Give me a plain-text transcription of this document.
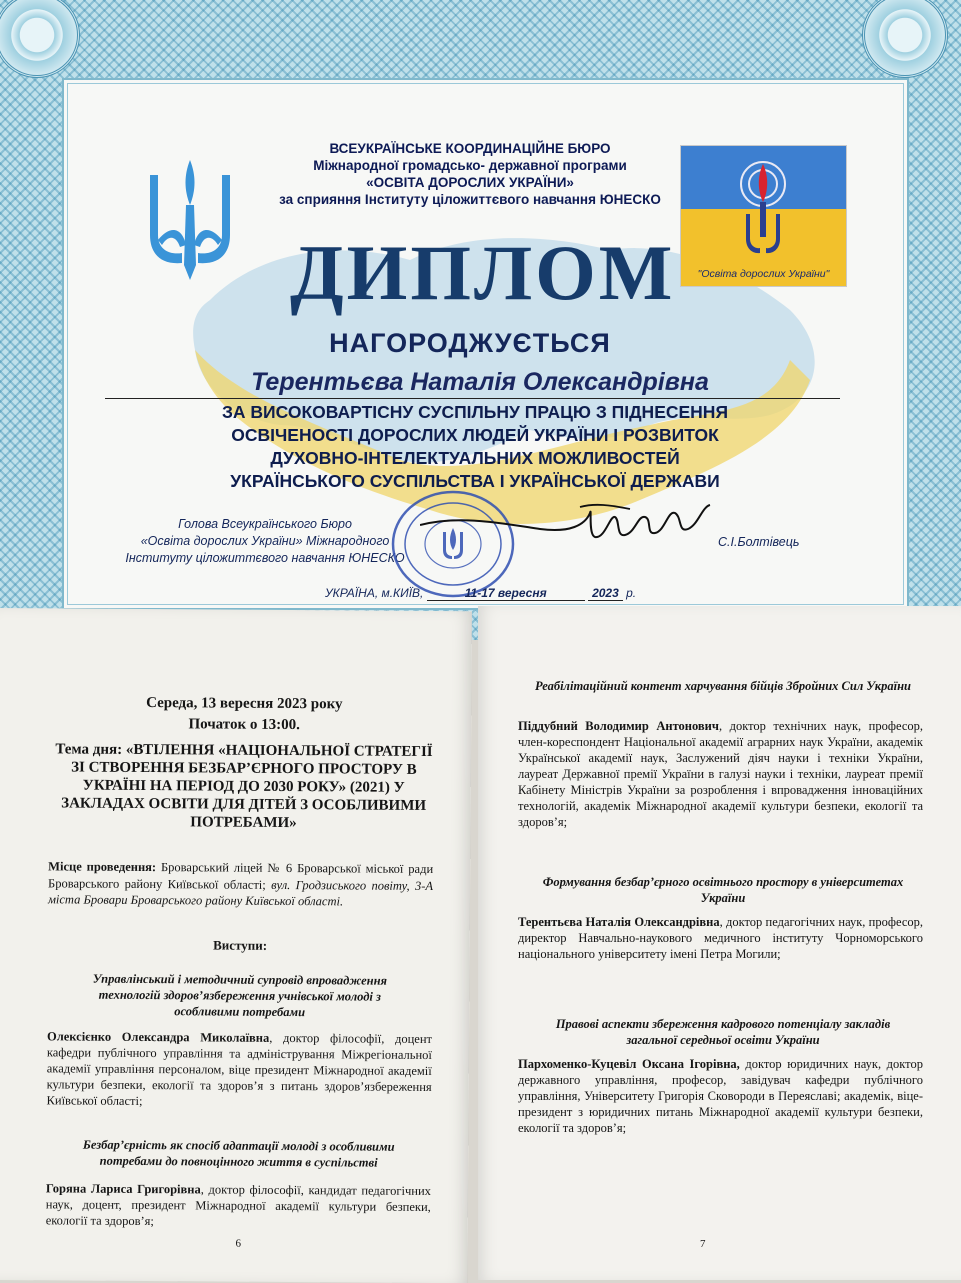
ВСЕУКРАЇНСЬКЕ КООРДИНАЦІЙНЕ БЮРО
Міжнародної громадсько- державної програми
«ОСВІТА ДОРОСЛИХ УКРАЇНИ»
за сприяння Інституту ціложиттєвого навчання ЮНЕСКО
"Освіта дорослих України"
ДИПЛОМ
НАГОРОДЖУЄТЬСЯ
Терентьєва Наталія Олександрівна
ЗА ВИСОКОВАРТІСНУ СУСПІЛЬНУ ПРАЦЮ З ПІДНЕСЕННЯ
ОСВІЧЕНОСТІ ДОРОСЛИХ ЛЮДЕЙ УКРАЇНИ І РОЗВИТОК
ДУХОВНО-ІНТЕЛЕКТУАЛЬНИХ МОЖЛИВОСТЕЙ
УКРАЇНСЬКОГО СУСПІЛЬСТВА І УКРАЇНСЬКОЇ ДЕРЖАВИ
Голова Всеукраїнського Бюро
«Освіта дорослих України» Міжнародного
Інституту ціложиттєвого навчання ЮНЕСКО
С.І.Болтівець
УКРАЇНА, м.КИЇВ,	11-17 вересня	2023 р.
Середа, 13 вересня 2023 року
Початок о 13:00.
Тема дня: «ВТІЛЕННЯ «НАЦІОНАЛЬНОЇ СТРАТЕГІЇ ЗІ СТВОРЕННЯ БЕЗБАР’ЄРНОГО ПРОСТОРУ В УКРАЇНІ НА ПЕРІОД ДО 2030 РОКУ» (2021) У ЗАКЛАДАХ ОСВІТИ ДЛЯ ДІТЕЙ З ОСОБЛИВИМИ ПОТРЕБАМИ»
Місце проведення: Броварський ліцей № 6 Броварської міської ради Броварського району Київської області; вул. Гродзиського повіту, 3-А міста Бровари Броварського району Київської області.
Виступи:
Управлінський і методичний супровід впровадження технологій здоров’язбереження учнівської молоді з особливими потребами
Олексієнко Олександра Миколаївна, доктор філософії, доцент кафедри публічного управління та адміністрування Міжрегіональної академії управління персоналом, віце президент Міжнародної академії культури безпеки, екології та здоров’я з питань здоров’язбереження Київської області;
Безбар’єрність як спосіб адаптації молоді з особливими потребами до повноцінного життя в суспільстві
Горяна Лариса Григорівна, доктор філософії, кандидат педагогічних наук, доцент, президент Міжнародної академії культури безпеки, екології та здоров’я;
6
Реабілітаційний контент харчування бійців Збройних Сил України
Піддубний Володимир Антонович, доктор технічних наук, професор, член-кореспондент Національної академії аграрних наук України, академік Української академії наук, Заслужений діяч науки і техніки України, лауреат Державної премії України в галузі науки і техніки, лауреат премії Кабінету Міністрів України за розроблення і впровадження інноваційних технологій, академік Міжнародної академії культури безпеки, екології та здоров’я;
Формування безбар’єрного освітнього простору в університетах України
Терентьєва Наталія Олександрівна, доктор педагогічних наук, професор, директор Навчально-наукового медичного інституту Чорноморського національного університету імені Петра Могили;
Правові аспекти збереження кадрового потенціалу закладів загальної середньої освіти України
Пархоменко-Куцевіл Оксана Ігорівна, доктор юридичних наук, доктор державного управління, професор, завідувач кафедри публічного управління, Університету Григорія Сковороди в Переяславі; академік, віце-президент з юридичних питань Міжнародної академії культури безпеки, екології та здоров’я;
7
